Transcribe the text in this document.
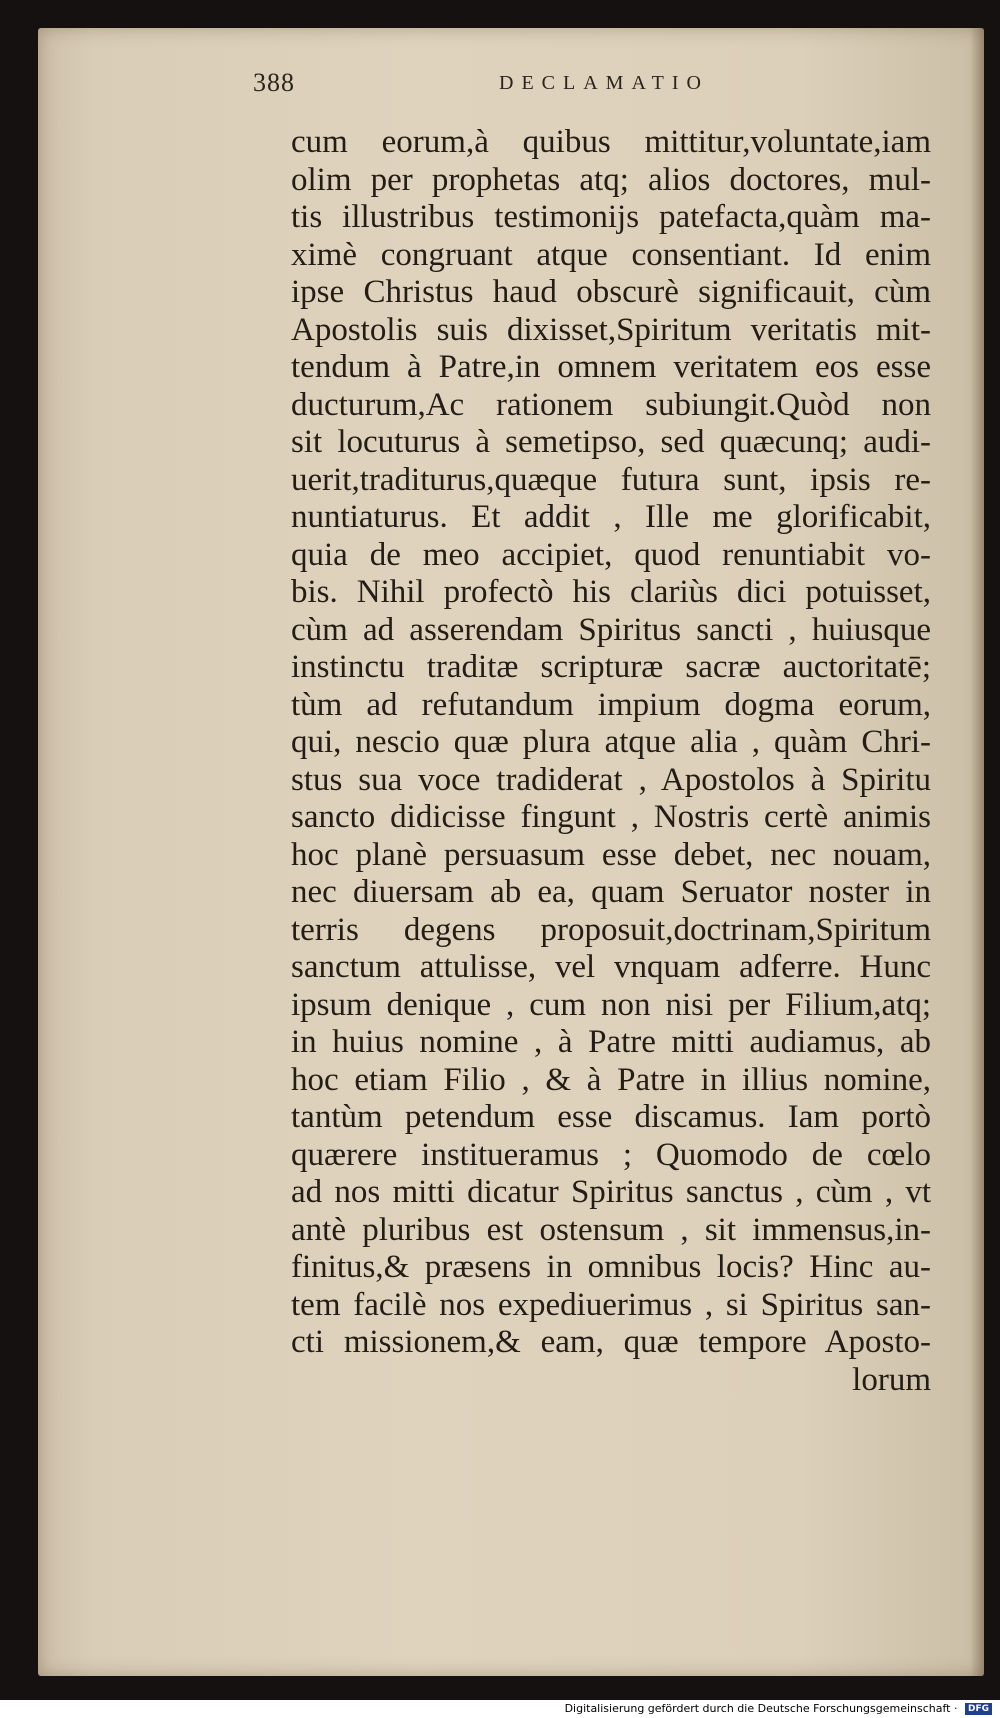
388	DECLAMATIO
cum eorum,à quibus mittitur,voluntate,iam
olim per prophetas atq; alios doctores, mul-
tis illustribus testimonijs patefacta,quàm ma-
ximè congruant atque consentiant. Id enim
ipse Christus haud obscurè significauit, cùm
Apostolis suis dixisset,Spiritum veritatis mit-
tendum à Patre,in omnem veritatem eos esse
ducturum,Ac rationem subiungit.Quòd non
sit locuturus à semetipso, sed quæcunq; audi-
uerit,traditurus,quæque futura sunt, ipsis re-
nuntiaturus. Et addit , Ille me glorificabit,
quia de meo accipiet, quod renuntiabit vo-
bis. Nihil profectò his clariùs dici potuisset,
cùm ad asserendam Spiritus sancti , huiusque
instinctu traditæ scripturæ sacræ auctoritatē;
tùm ad refutandum impium dogma eorum,
qui, nescio quæ plura atque alia , quàm Chri-
stus sua voce tradiderat , Apostolos à Spiritu
sancto didicisse fingunt , Nostris certè animis
hoc planè persuasum esse debet, nec nouam,
nec diuersam ab ea, quam Seruator noster in
terris degens proposuit,doctrinam,Spiritum
sanctum attulisse, vel vnquam adferre. Hunc
ipsum denique , cum non nisi per Filium,atq;
in huius nomine , à Patre mitti audiamus, ab
hoc etiam Filio , & à Patre in illius nomine,
tantùm petendum esse discamus. Iam portò
quærere institueramus ; Quomodo de cœlo
ad nos mitti dicatur Spiritus sanctus , cùm , vt
antè pluribus est ostensum , sit immensus,in-
finitus,& præsens in omnibus locis? Hinc au-
tem facilè nos expediuerimus , si Spiritus san-
cti missionem,& eam, quæ tempore Aposto-
lorum
Digitalisierung gefördert durch die Deutsche Forschungsgemeinschaft · DFG
